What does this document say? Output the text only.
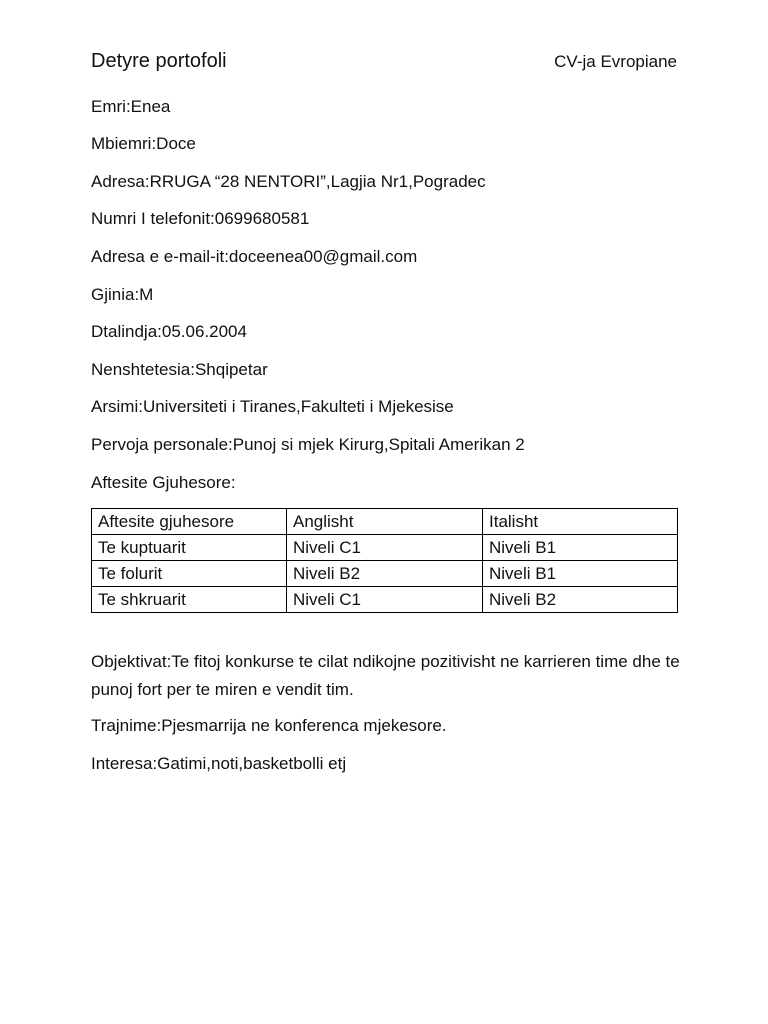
Detyre portofoli	CV-ja Evropiane
Emri:Enea
Mbiemri:Doce
Adresa:RRUGA “28 NENTORI”,Lagjia Nr1,Pogradec
Numri I telefonit:0699680581
Adresa e e-mail-it:doceenea00@gmail.com
Gjinia:M
Dtalindja:05.06.2004
Nenshtetesia:Shqipetar
Arsimi:Universiteti i Tiranes,Fakulteti i Mjekesise
Pervoja personale:Punoj si mjek Kirurg,Spitali Amerikan 2
Aftesite Gjuhesore:
Aftesite gjuhesore	Anglisht	Italisht
Te kuptuarit	Niveli C1	Niveli B1
Te folurit	Niveli B2	Niveli B1
Te shkruarit	Niveli C1	Niveli B2
Objektivat:Te fitoj konkurse te cilat ndikojne pozitivisht ne karrieren time dhe te punoj fort per te miren e vendit tim.
Trajnime:Pjesmarrija ne konferenca mjekesore.
Interesa:Gatimi,noti,basketbolli etj
